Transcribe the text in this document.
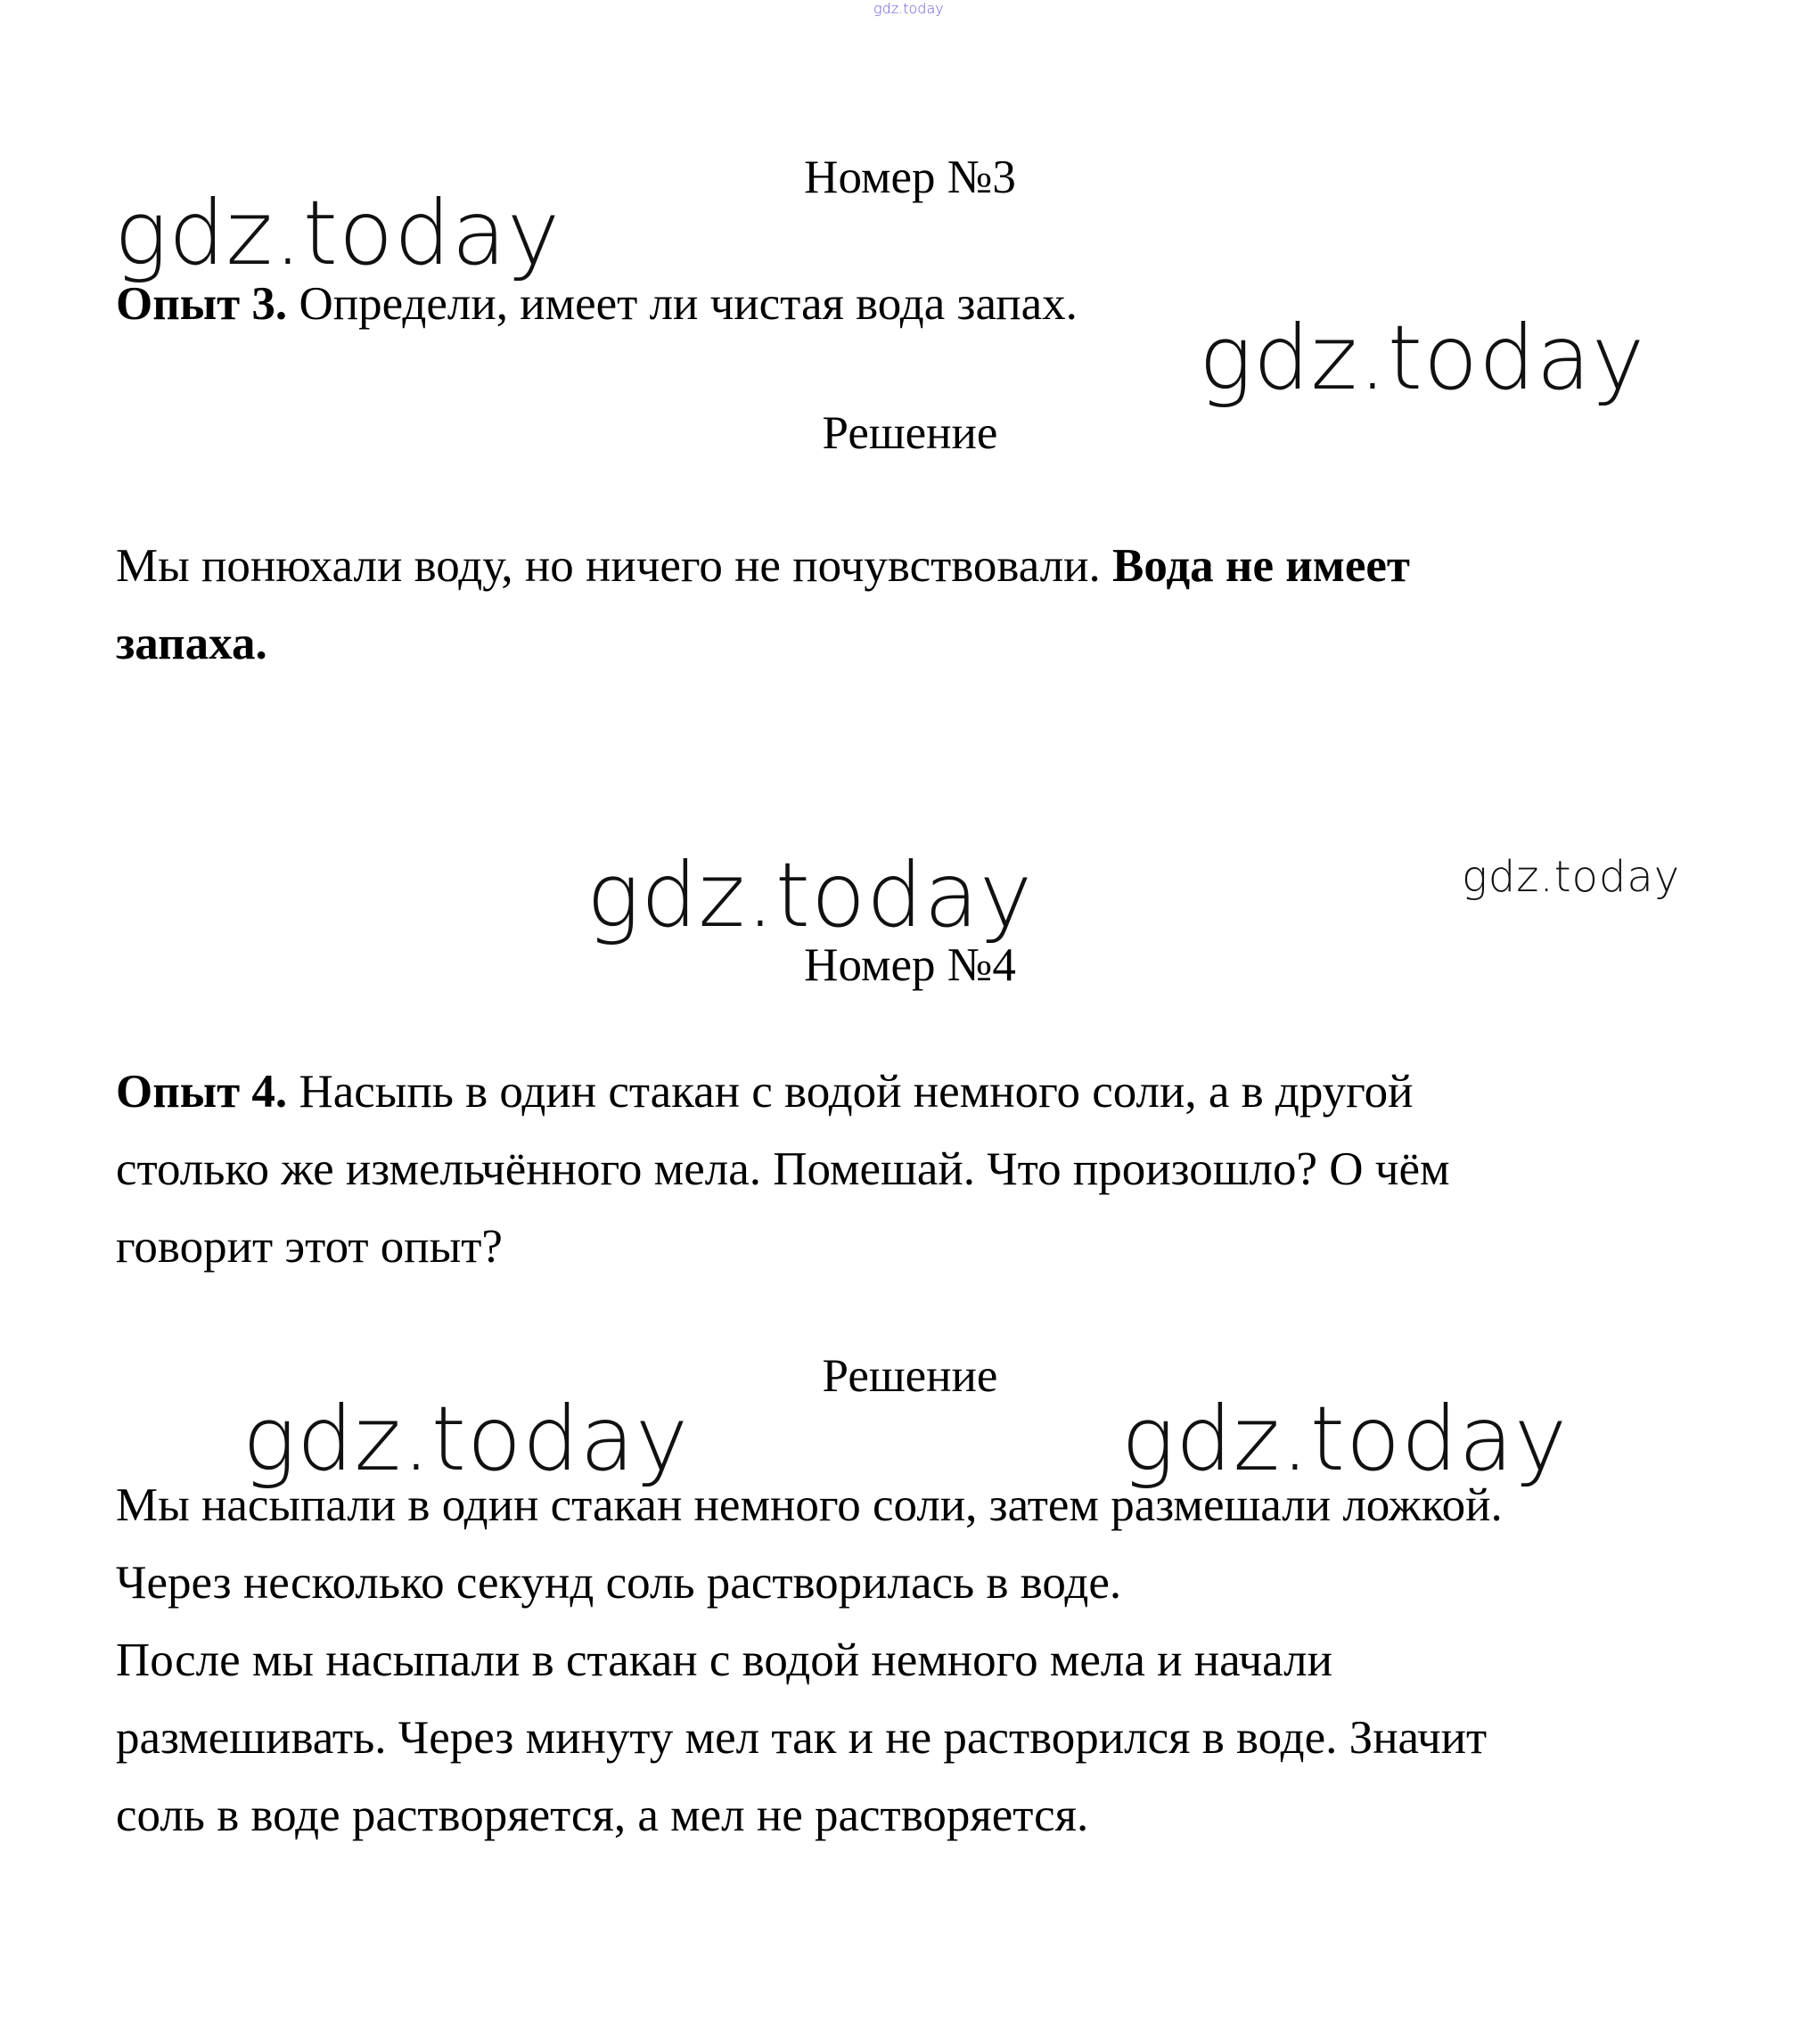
gdz.today
gdz.today
gdz.today
gdz.today	gdz.today
gdz.today	gdz.today

Номер №3

Опыт 3. Определи, имеет ли чистая вода запах.

Решение

Мы понюхали воду, но ничего не почувствовали. Вода не имеет

запаха.

Номер №4

Опыт 4. Насыпь в один стакан с водой немного соли, а в другой

столько же измельчённого мела. Помешай. Что произошло? О чём

говорит этот опыт?

Решение

Мы насыпали в один стакан немного соли, затем размешали ложкой.

Через несколько секунд соль растворилась в воде.

После мы насыпали в стакан с водой немного мела и начали

размешивать. Через минуту мел так и не растворился в воде. Значит

соль в воде растворяется, а мел не растворяется.
